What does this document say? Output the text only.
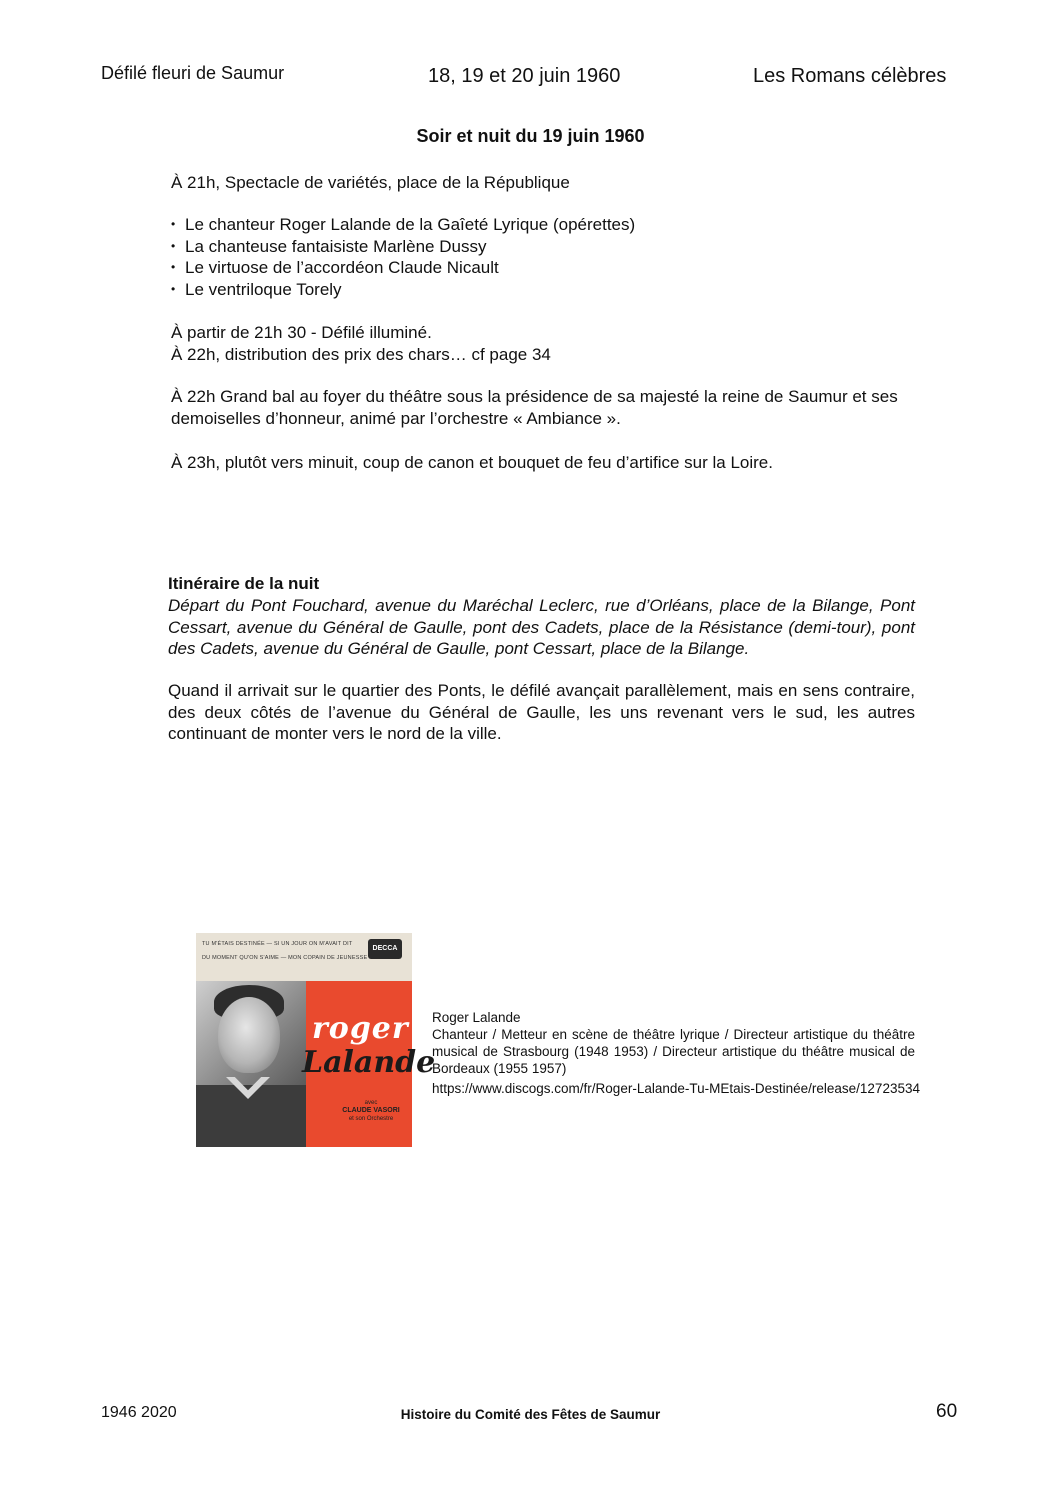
Défilé fleuri de Saumur	18, 19 et 20 juin 1960	Les Romans célèbres
Soir et nuit du 19 juin 1960
À 21h, Spectacle de variétés, place de la République
• Le chanteur Roger Lalande de la Gaîeté Lyrique (opérettes)
• La chanteuse fantaisiste Marlène Dussy
• Le virtuose de l’accordéon Claude Nicault
• Le ventriloque Torely
À partir de 21h 30 - Défilé illuminé.
À 22h, distribution des prix des chars… cf page 34
À 22h Grand bal au foyer du théâtre sous la présidence de sa majesté la reine de Saumur et ses demoiselles d’honneur, animé par l’orchestre « Ambiance ».
À 23h, plutôt vers minuit, coup de canon et bouquet de feu d’artifice sur la Loire.
Itinéraire de la nuit
Départ du Pont Fouchard, avenue du Maréchal Leclerc, rue d’Orléans, place de la Bilange, Pont Cessart, avenue du Général de Gaulle, pont des Cadets, place de la Résistance (demi-tour), pont des Cadets, avenue du Général de Gaulle, pont Cessart, place de la Bilange.
Quand il arrivait sur le quartier des Ponts, le défilé avançait parallèlement, mais en sens contraire, des deux côtés de l’avenue du Général de Gaulle, les uns revenant vers le sud, les autres continuant de monter vers le nord de la ville.
TU M'ÉTAIS DESTINÉE — SI UN JOUR ON M'AVAIT DIT
DU MOMENT QU'ON S'AIME — MON COPAIN DE JEUNESSE
DECCA
roger
Lalande
avec
CLAUDE VASORI
et son Orchestre
Roger Lalande
Chanteur / Metteur en scène de théâtre lyrique / Directeur artistique du théâtre musical de Strasbourg (1948 1953) / Directeur artistique du théâtre musical de Bordeaux (1955 1957)
https://www.discogs.com/fr/Roger-Lalande-Tu-MEtais-Destinée/release/12723534
1946 2020	Histoire du Comité des Fêtes de Saumur	60
